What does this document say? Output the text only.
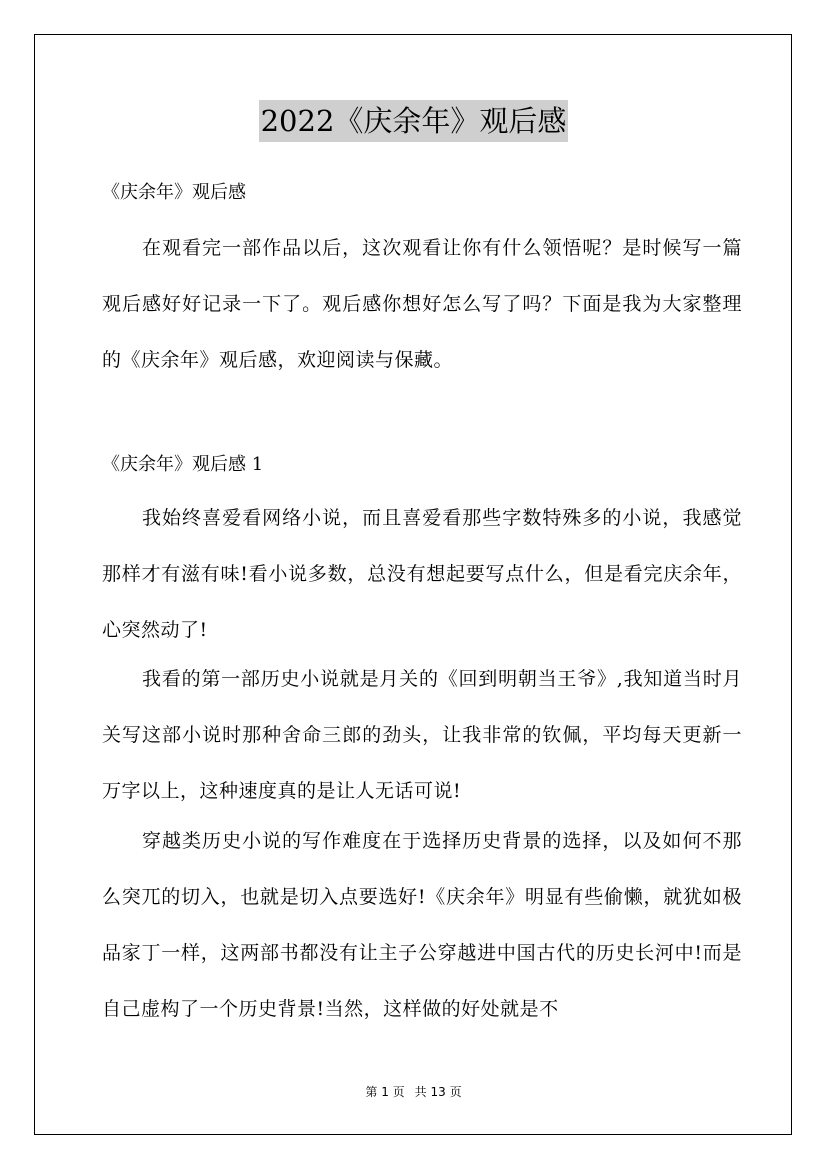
2022《庆余年》观后感

《庆余年》观后感

在观看完一部作品以后，这次观看让你有什么领悟呢？是时候写一篇观后感好好记录一下了。观后感你想好怎么写了吗？下面是我为大家整理的《庆余年》观后感，欢迎阅读与保藏。

《庆余年》观后感 1

我始终喜爱看网络小说，而且喜爱看那些字数特殊多的小说，我感觉那样才有滋有味!看小说多数，总没有想起要写点什么，但是看完庆余年，心突然动了!

我看的第一部历史小说就是月关的《回到明朝当王爷》,我知道当时月关写这部小说时那种舍命三郎的劲头，让我非常的钦佩，平均每天更新一万字以上，这种速度真的是让人无话可说!

穿越类历史小说的写作难度在于选择历史背景的选择，以及如何不那么突兀的切入，也就是切入点要选好!《庆余年》明显有些偷懒，就犹如极品家丁一样，这两部书都没有让主子公穿越进中国古代的历史长河中!而是自己虚构了一个历史背景!当然，这样做的好处就是不

第 1 页 共 13 页
